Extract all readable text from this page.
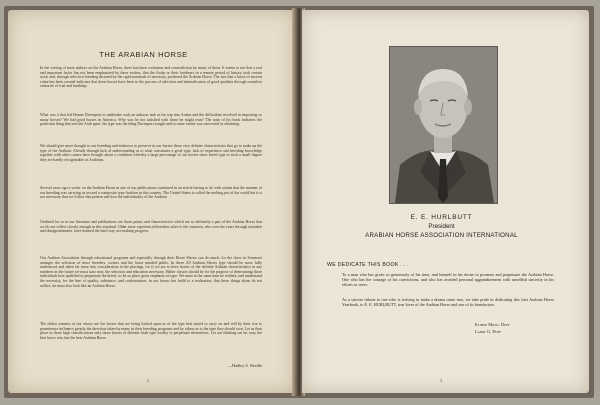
THE ARABIAN HORSE
In the writing of most authors on the Arabian Horse, there has been confusion and contradiction by many of them. It seems to me that a real and important factor has not been emphasized by these writers, that the Arabs or their forebears in a remote period of history took certain stock and, through selective breeding dictated by the rigid standards of necessity, produced the Arabian Horse. The fact that a horse of ancient value has been created indicates that these horses have been in the process of selection and intensification of good qualities through countless centuries of trial and hardship.
What was it that led Homer Davenport to undertake such an arduous task as his trip into Arabia and the difficulties involved in importing so many horses? We had good horses in America. Why was he not satisfied with those he might own? The train of his book indicates the particular thing that sets the Arab apart, his type was the thing Davenport sought and to some extent was successful in obtaining.
We should give more thought to our breeding and endeavor to preserve in our horses those very definite characteristics that go to make up the type of the Arabian. Already through lack of understanding as to what constitutes a good type, lack of experience and breeding knowledge together with other causes have brought about a condition whereby a large percentage of our horses show breed type to such a small degree they are hardly recognizable as Arabians.
Several years ago a writer on the Arabian Horse in one of our publications continued in an article having to do with strains that the manner of our breeding was carrying us toward a composite type Arabian in this country. The United States is called the melting pot of the world but it is not necessary that we follow this pattern and lose the individuality of the Arabian.
Outlined for us in our literature and publications are those points and characteristics which are so definitely a part of the Arabian Horse that we do not reflect closely enough in this standard. Older more experienced breeders alive to the situation, who over the years through mistakes and disappointments, have learned the hard way, are making progress.
Our Arabian Association through educational programs and especially through their Horse Shows can do much, for the show in Somerset arranges the selection of more breeders, owners and the horse minded public. In these All Arabian Shows type should be more fully understood and taken far more into consideration in the placings, for if we are to have horses of the definite Arabian characteristics in any numbers in the future we must start now, the selection and education necessary. Halter classes should be for the purpose of determining those individuals best qualified to perpetuate the breed, so let us place great emphasis on type. We must at the same time be realistic and understand the necessity, for the best of quality, substance, and conformation, in our horses but build to a realization, that these things alone do not suffice, he must also look like an Arabian Horse.
The oldest winners of our shows are the horses that are being looked upon as of the type best suited to carry on and will by their rise to prominence influence greatly the direction taken by many in their breeding programs and by others as to the type they should own. Let us then place in those high classifications only those horses of definite Arab type worthy to perpetuate themselves. Let our thinking cut be, may the best horse win, but the best Arabian Horse.
—Hadley S. Beedle
2
E. E. HURLBUTT
President
ARABIAN HORSE ASSOCIATION INTERNATIONAL
WE DEDICATE THIS BOOK . . .
To a man who has given so generously of his time, and himself in his desire to promote and perpetuate the Arabian Horse. One who has the courage of his convictions, and who has avoided personal aggrandizement with unselfish sincerity in his efforts to serve.
As a sincere tribute to one who is striving to make a dream come true, we take pride in dedicating this first Arabian Horse Yearbook, to E. E. HURLBUTT, true lover of the Arabian Horse and one of its benefactors.
Esther Mong. Duff
Larry G. Duff
3
